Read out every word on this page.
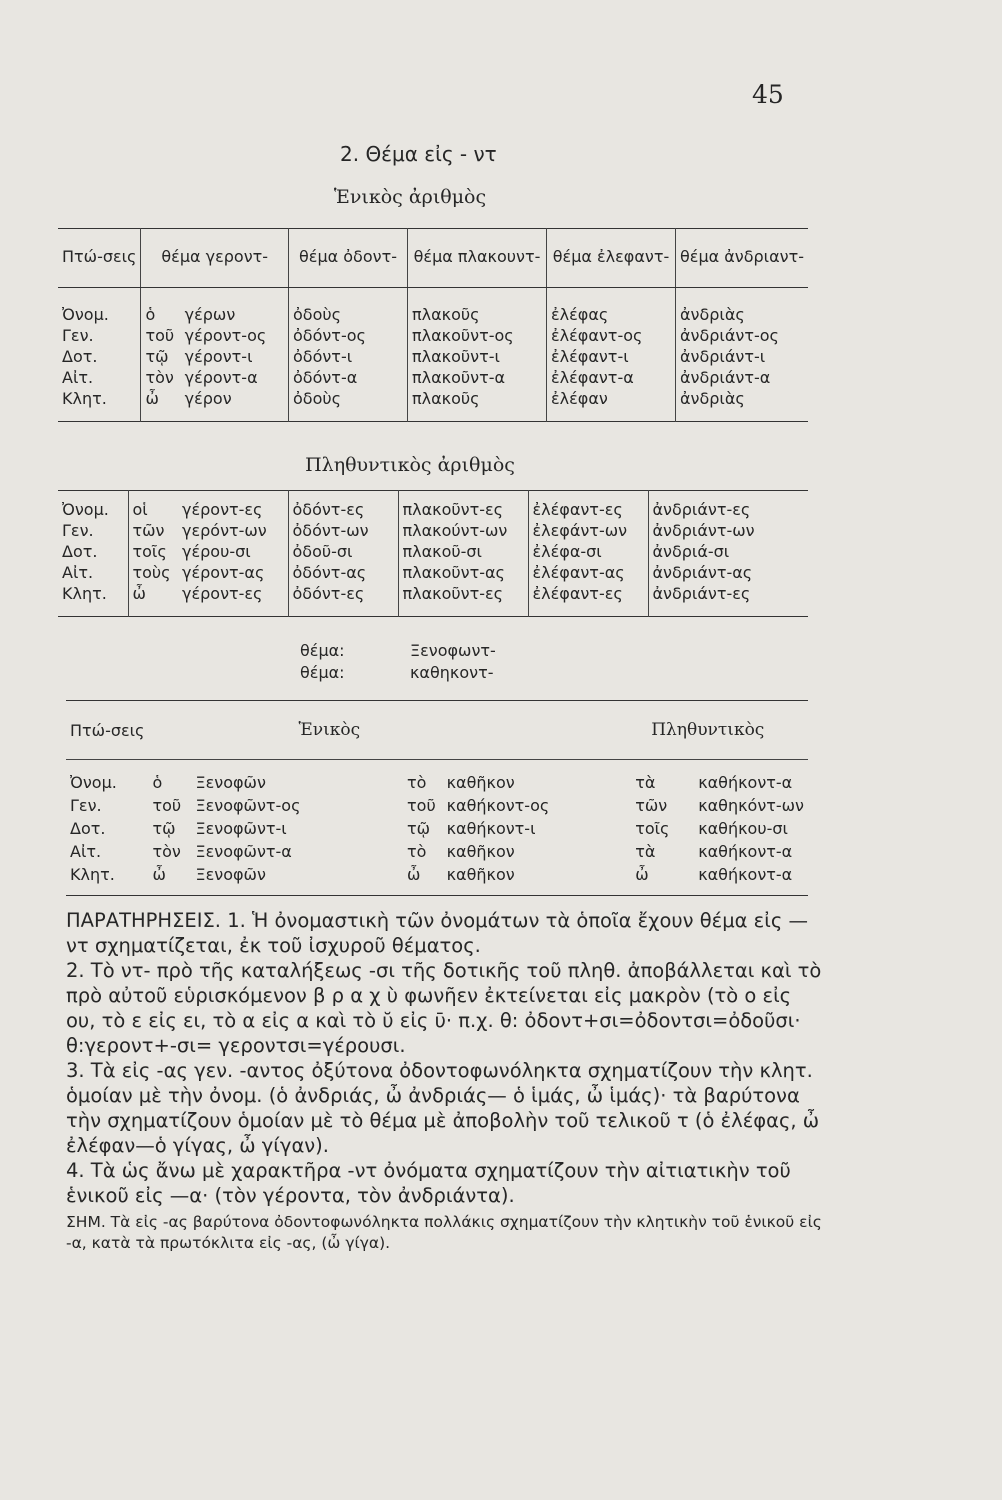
45
2. Θέμα εἰς - ντ
Ἑνικὸς ἀριθμὸς
Πτώ-σεις	θέμα γεροντ-		θέμα ὀδοντ-	θέμα πλακουντ-	θέμα ἐλεφαντ-	θέμα ἀνδριαντ-
Ὀνομ.	ὁ	γέρων	ὀδοὺς	πλακοῦς	ἐλέφας	ἀνδριὰς
Γεν.	τοῦ	γέροντ-ος	ὀδόντ-ος	πλακοῦντ-ος	ἐλέφαντ-ος	ἀνδριάντ-ος
Δοτ.	τῷ	γέροντ-ι	ὀδόντ-ι	πλακοῦντ-ι	ἐλέφαντ-ι	ἀνδριάντ-ι
Αἰτ.	τὸν	γέροντ-α	ὀδόντ-α	πλακοῦντ-α	ἐλέφαντ-α	ἀνδριάντ-α
Κλητ.	ὦ	γέρον	ὀδοὺς	πλακοῦς	ἐλέφαν	ἀνδριὰς
Πληθυντικὸς ἀριθμὸς
Ὀνομ.	οἱ	γέροντ-ες	ὀδόντ-ες	πλακοῦντ-ες	ἐλέφαντ-ες	ἀνδριάντ-ες
Γεν.	τῶν	γερόντ-ων	ὀδόντ-ων	πλακούντ-ων	ἐλεφάντ-ων	ἀνδριάντ-ων
Δοτ.	τοῖς	γέρου-σι	ὀδοῦ-σι	πλακοῦ-σι	ἐλέφα-σι	ἀνδριά-σι
Αἰτ.	τοὺς	γέροντ-ας	ὀδόντ-ας	πλακοῦντ-ας	ἐλέφαντ-ας	ἀνδριάντ-ας
Κλητ.	ὦ	γέροντ-ες	ὀδόντ-ες	πλακοῦντ-ες	ἐλέφαντ-ες	ἀνδριάντ-ες
θέμα:	Ξενοφωντ-
θέμα:	καθηκοντ-
Πτώ-σεις	Ἑνικὸς				Πληθυντικὸς	
Ὀνομ.	ὁ	Ξενοφῶν	τὸ	καθῆκον	τὰ	καθήκοντ-α
Γεν.	τοῦ	Ξενοφῶντ-ος	τοῦ	καθήκοντ-ος	τῶν	καθηκόντ-ων
Δοτ.	τῷ	Ξενοφῶντ-ι	τῷ	καθήκοντ-ι	τοῖς	καθήκου-σι
Αἰτ.	τὸν	Ξενοφῶντ-α	τὸ	καθῆκον	τὰ	καθήκοντ-α
Κλητ.	ὦ	Ξενοφῶν	ὦ	καθῆκον	ὦ	καθήκοντ-α

ΠΑΡΑΤΗΡΗΣΕΙΣ. 1. Ἡ ὀνομαστικὴ τῶν ὀνομάτων τὰ ὁποῖα ἔχουν θέμα εἰς —ντ σχηματίζεται, ἐκ τοῦ ἰσχυροῦ θέματος.

2. Τὸ ντ- πρὸ τῆς καταλήξεως -σι τῆς δοτικῆς τοῦ πληθ. ἀποβάλλεται καὶ τὸ πρὸ αὐτοῦ εὑρισκόμενον β ρ α χ ὺ φωνῆεν ἐκτείνεται εἰς μακρὸν (τὸ ο εἰς ου, τὸ ε εἰς ει, τὸ α εἰς α καὶ τὸ ῠ εἰς ῡ· π.χ. θ: ὀδοντ+σι=ὀδοντσι=ὀδοῦσι· θ:γεροντ+-σι= γεροντσι=γέρουσι.

3. Τὰ εἰς -ας γεν. -αντος ὀξύτονα ὀδοντοφωνόληκτα σχηματίζουν τὴν κλητ. ὁμοίαν μὲ τὴν ὀνομ. (ὁ ἀνδριάς, ὦ ἀνδριάς— ὁ ἱμάς, ὦ ἱμάς)· τὰ βαρύτονα τὴν σχηματίζουν ὁμοίαν μὲ τὸ θέμα μὲ ἀποβολὴν τοῦ τελικοῦ τ (ὁ ἐλέφας, ὦ ἐλέφαν—ὁ γίγας, ὦ γίγαν).

4. Τὰ ὡς ἄνω μὲ χαρακτῆρα -ντ ὀνόματα σχηματίζουν τὴν αἰτιατικὴν τοῦ ἑνικοῦ εἰς —α· (τὸν γέροντα, τὸν ἀνδριάντα).

ΣΗΜ. Τὰ εἰς -ας βαρύτονα ὀδοντοφωνόληκτα πολλάκις σχηματίζουν τὴν κλητικὴν τοῦ ἑνικοῦ εἰς -α, κατὰ τὰ πρωτόκλιτα εἰς -ας, (ὦ γίγα).
